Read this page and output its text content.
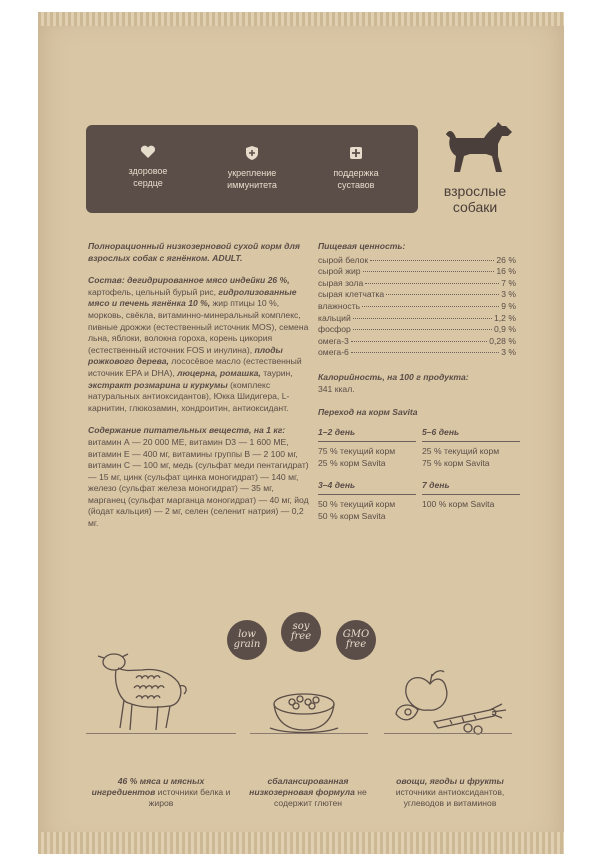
здоровое
сердце
укрепление
иммунитета
поддержка
суставов	взрослые
собаки

Полнорационный низкозерновой сухой корм для взрослых собак с ягнёнком. ADULT.

Состав: дегидрированное мясо индейки 26 %, картофель, цельный бурый рис, гидролизованные мясо и печень ягнёнка 10 %, жир птицы 10 %, морковь, свёкла, витаминно-минеральный комплекс, пивные дрожжи (естественный источник MOS), семена льна, яблоки, волокна гороха, корень цикория (естественный источник FOS и инулина), плоды рожкового дерева, лососёвое масло (естественный источник EPA и DHA), люцерна, ромашка, таурин, экстракт розмарина и куркумы (комплекс натуральных антиоксидантов), Юкка Шидигера, L-карнитин, глюкозамин, хондроитин, антиоксидант.

Содержание питательных веществ, на 1 кг: витамин А — 20 000 МЕ, витамин D3 — 1 600 МЕ, витамин Е — 400 мг, витамины группы В — 2 100 мг, витамин С — 100 мг, медь (сульфат меди пентагидрат) — 15 мг, цинк (сульфат цинка моногидрат) — 140 мг, железо (сульфат железа моногидрат) — 35 мг, марганец (сульфат марганца моногидрат) — 40 мг, йод (йодат кальция) — 2 мг, селен (селенит натрия) — 0,2 мг.

Пищевая ценность:
сырой белок	26 %
сырой жир	16 %
сырая зола	7 %
сырая клетчатка	3 %
влажность	9 %
кальций	1,2 %
фосфор	0,9 %
омега-3	0,28 %
омега-6	3 %
Калорийность, на 100 г продукта:
341 ккал.
Переход на корм Savita
1–2 день
75 % текущий корм
25 % корм Savita
5–6 день
25 % текущий корм
75 % корм Savita
3–4 день
50 % текущий корм
50 % корм Savita
7 день
100 % корм Savita
low
grain
soy
free	GMO
free
46 % мяса и мясных ингредиентов источники белка и жиров
сбалансированная низкозерновая формула не содержит глютен
овощи, ягоды и фрукты источники антиоксидантов, углеводов и витаминов
